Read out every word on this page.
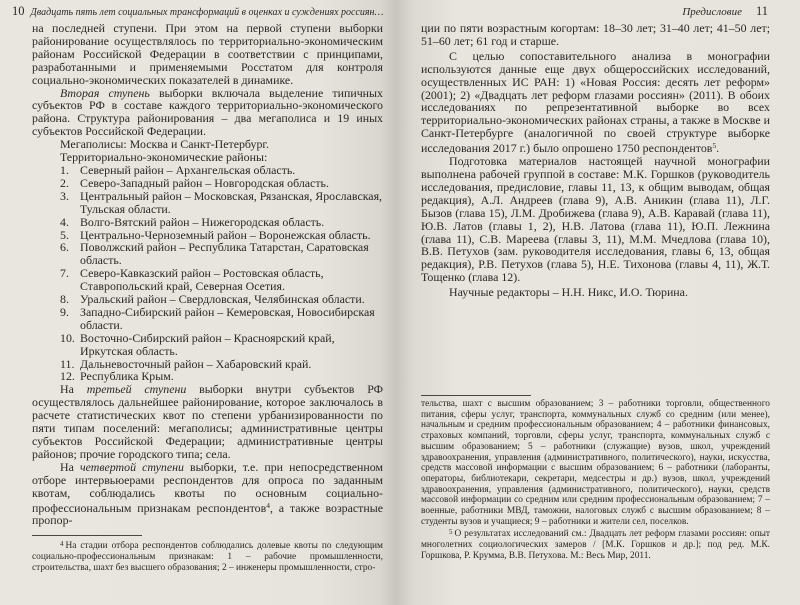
10 Двадцать пять лет социальных трансформаций в оценках и суждениях россиян…

на последней ступени. При этом на первой ступени выборки районирование осуществлялось по территориально-экономическим районам Российской Федерации в соответствии с принципами, разработанными и применяемыми Росстатом для контроля социально-экономических показателей в динамике.

Вторая ступень выборки включала выделение типичных субъектов РФ в составе каждого территориально-экономического района. Структура районирования – два мегаполиса и 19 иных субъектов Российской Федерации.

Мегаполисы: Москва и Санкт-Петербург.

Территориально-экономические районы:

1. Северный район – Архангельская область.
2. Северо-Западный район – Новгородская область.
3. Центральный район – Московская, Рязанская, Ярославская, Тульская области.
4. Волго-Вятский район – Нижегородская область.
5. Центрально-Черноземный район – Воронежская область.
6. Поволжский район – Республика Татарстан, Саратовская область.
7. Северо-Кавказский район – Ростовская область, Ставропольский край, Северная Осетия.
8. Уральский район – Свердловская, Челябинская области.
9. Западно-Сибирский район – Кемеровская, Новосибирская области.
10. Восточно-Сибирский район – Красноярский край, Иркутская область.
11. Дальневосточный район – Хабаровский край.
12. Республика Крым.

На третьей ступени выборки внутри субъектов РФ осуществлялось дальнейшее районирование, которое заключалось в расчете статистических квот по степени урбанизированности по пяти типам поселений: мегаполисы; административные центры субъектов Российской Федерации; административные центры районов; прочие городского типа; села.

На четвертой ступени выборки, т.е. при непосредственном отборе интервьюерами респондентов для опроса по заданным квотам, соблюдались квоты по основным социально-профессиональным признакам респондентов$^4$, а также возрастные пропор-

$^4$ На стадии отбора респондентов соблюдались долевые квоты по следующим социально-профессиональным признакам: 1 – рабочие промышленности, строительства, шахт без высшего образования; 2 – инженеры промышленности, стро-

Предисловие 11

ции по пяти возрастным когортам: 18–30 лет; 31–40 лет; 41–50 лет; 51–60 лет; 61 год и старше.

С целью сопоставительного анализа в монографии используются данные еще двух общероссийских исследований, осуществленных ИС РАН: 1) «Новая Россия: десять лет реформ» (2001); 2) «Двадцать лет реформ глазами россиян» (2011). В обоих исследованиях по репрезентативной выборке во всех территориально-экономических районах страны, а также в Москве и Санкт-Петербурге (аналогичной по своей структуре выборке исследования 2017 г.) было опрошено 1750 респондентов$^5$.

Подготовка материалов настоящей научной монографии выполнена рабочей группой в составе: М.К. Горшков (руководитель исследования, предисловие, главы 11, 13, к общим выводам, общая редакция), А.Л. Андреев (глава 9), А.В. Аникин (глава 11), Л.Г. Бызов (глава 15), Л.М. Дробижева (глава 9), А.В. Каравай (глава 11), Ю.В. Латов (главы 1, 2), Н.В. Латова (глава 11), Ю.П. Лежнина (глава 11), С.В. Мареева (главы 3, 11), М.М. Мчедлова (глава 10), В.В. Петухов (зам. руководителя исследования, главы 6, 13, общая редакция), Р.В. Петухов (глава 5), Н.Е. Тихонова (главы 4, 11), Ж.Т. Тощенко (глава 12).

Научные редакторы – Н.Н. Никс, И.О. Тюрина.

тельства, шахт с высшим образованием; 3 – работники торговли, общественного питания, сферы услуг, транспорта, коммунальных служб со средним (или менее), начальным и средним профессиональным образованием; 4 – работники финансовых, страховых компаний, торговли, сферы услуг, транспорта, коммунальных служб с высшим образованием; 5 – работники (служащие) вузов, школ, учреждений здравоохранения, управления (административного, политического), науки, искусства, средств массовой информации с высшим образованием; 6 – работники (лаборанты, операторы, библиотекари, секретари, медсестры и др.) вузов, школ, учреждений здравоохранения, управления (административного, политического), науки, средств массовой информации со средним или средним профессиональным образованием; 7 – военные, работники МВД, таможни, налоговых служб с высшим образованием; 8 – студенты вузов и учащиеся; 9 – работники и жители сел, поселков.

$^5$ О результатах исследований см.: Двадцать лет реформ глазами россиян: опыт многолетних социологических замеров / [М.К. Горшков и др.]; под ред. М.К. Горшкова, Р. Круммa, В.В. Петухова. М.: Весь Мир, 2011.
